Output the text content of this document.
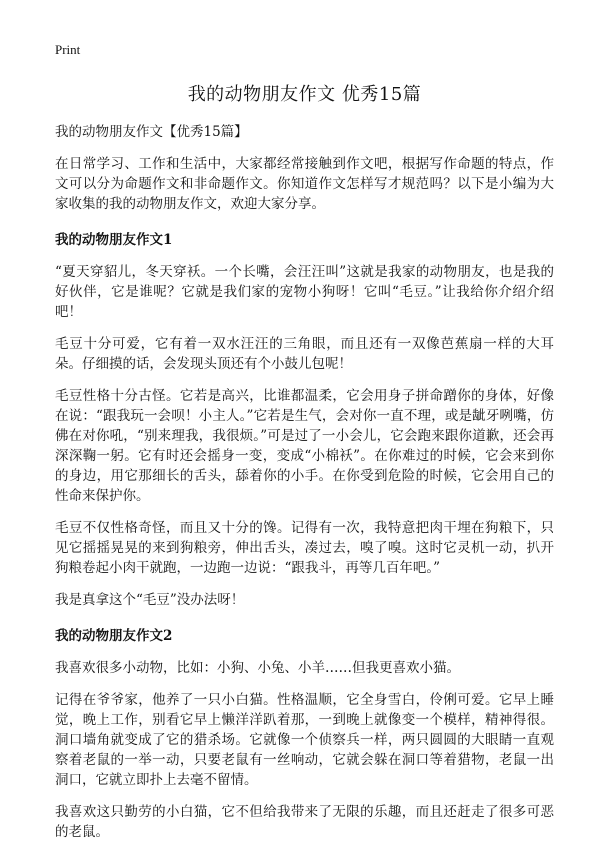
Print
我的动物朋友作文 优秀15篇
我的动物朋友作文【优秀15篇】
在日常学习、工作和生活中，大家都经常接触到作文吧，根据写作命题的特点，作文可以分为命题作文和非命题作文。你知道作文怎样写才规范吗？以下是小编为大家收集的我的动物朋友作文，欢迎大家分享。
我的动物朋友作文1
“夏天穿貂儿，冬天穿袄。一个长嘴，会汪汪叫”这就是我家的动物朋友，也是我的好伙伴，它是谁呢？它就是我们家的宠物小狗呀！它叫“毛豆。”让我给你介绍介绍吧！
毛豆十分可爱，它有着一双水汪汪的三角眼，而且还有一双像芭蕉扇一样的大耳朵。仔细摸的话，会发现头顶还有个小鼓儿包呢！
毛豆性格十分古怪。它若是高兴，比谁都温柔，它会用身子拼命蹭你的身体，好像在说：“跟我玩一会呗！小主人。”它若是生气，会对你一直不理，或是龇牙咧嘴，仿佛在对你吼，“别来理我，我很烦。”可是过了一小会儿，它会跑来跟你道歉，还会再深深鞠一躬。它有时还会摇身一变，变成“小棉袄”。在你难过的时候，它会来到你的身边，用它那细长的舌头，舔着你的小手。在你受到危险的时候，它会用自己的性命来保护你。
毛豆不仅性格奇怪，而且又十分的馋。记得有一次，我特意把肉干埋在狗粮下，只见它摇摇晃晃的来到狗粮旁，伸出舌头，凑过去，嗅了嗅。这时它灵机一动，扒开狗粮卷起小肉干就跑，一边跑一边说：“跟我斗，再等几百年吧。”
我是真拿这个“毛豆”没办法呀！
我的动物朋友作文2
我喜欢很多小动物，比如：小狗、小兔、小羊……但我更喜欢小猫。
记得在爷爷家，他养了一只小白猫。性格温顺，它全身雪白，伶俐可爱。它早上睡觉，晚上工作，别看它早上懒洋洋趴着那，一到晚上就像变一个模样，精神得很。洞口墙角就变成了它的猎杀场。它就像一个侦察兵一样，两只圆圆的大眼睛一直观察着老鼠的一举一动，只要老鼠有一丝响动，它就会躲在洞口等着猎物，老鼠一出洞口，它就立即扑上去毫不留情。
我喜欢这只勤劳的小白猫，它不但给我带来了无限的乐趣，而且还赶走了很多可恶的老鼠。
